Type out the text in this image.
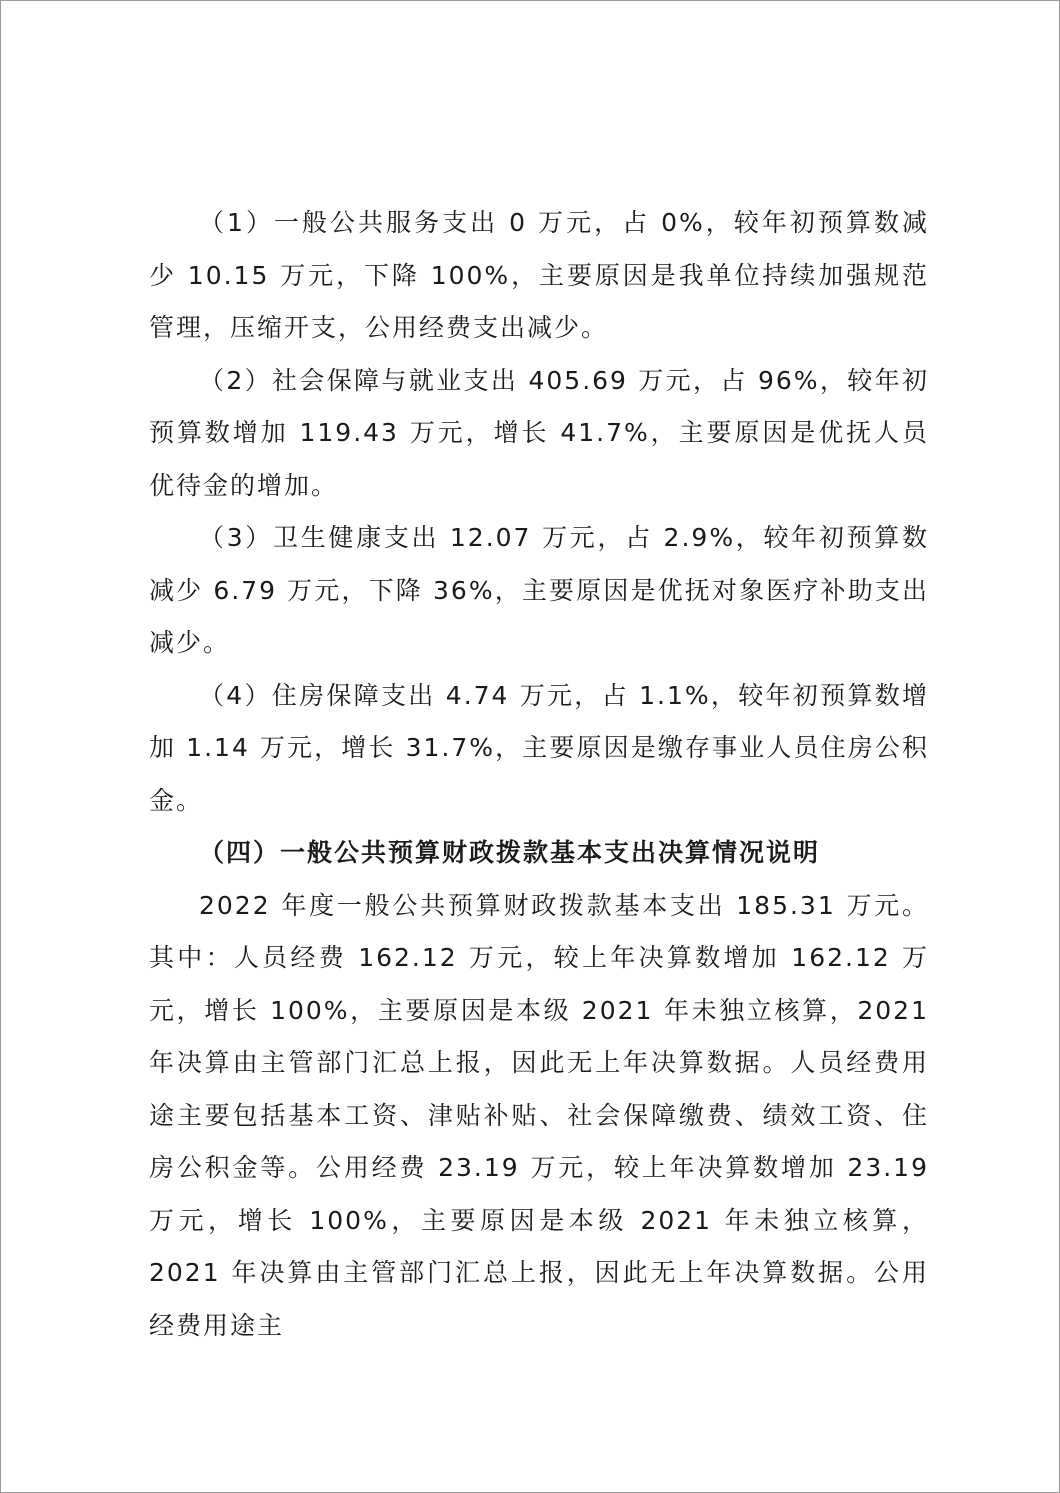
（1）一般公共服务支出 0 万元，占 0%，较年初预算数减少 10.15 万元，下降 100%，主要原因是我单位持续加强规范管理，压缩开支，公用经费支出减少。

（2）社会保障与就业支出 405.69 万元，占 96%，较年初预算数增加 119.43 万元，增长 41.7%，主要原因是优抚人员优待金的增加。

（3）卫生健康支出 12.07 万元，占 2.9%，较年初预算数减少 6.79 万元，下降 36%，主要原因是优抚对象医疗补助支出减少。

（4）住房保障支出 4.74 万元，占 1.1%，较年初预算数增加 1.14 万元，增长 31.7%，主要原因是缴存事业人员住房公积金。

（四）一般公共预算财政拨款基本支出决算情况说明

2022 年度一般公共预算财政拨款基本支出 185.31 万元。其中：人员经费 162.12 万元，较上年决算数增加 162.12 万元，增长 100%，主要原因是本级 2021 年未独立核算，2021 年决算由主管部门汇总上报，因此无上年决算数据。人员经费用途主要包括基本工资、津贴补贴、社会保障缴费、绩效工资、住房公积金等。公用经费 23.19 万元，较上年决算数增加 23.19 万元，增长 100%，主要原因是本级 2021 年未独立核算，2021 年决算由主管部门汇总上报，因此无上年决算数据。公用经费用途主
